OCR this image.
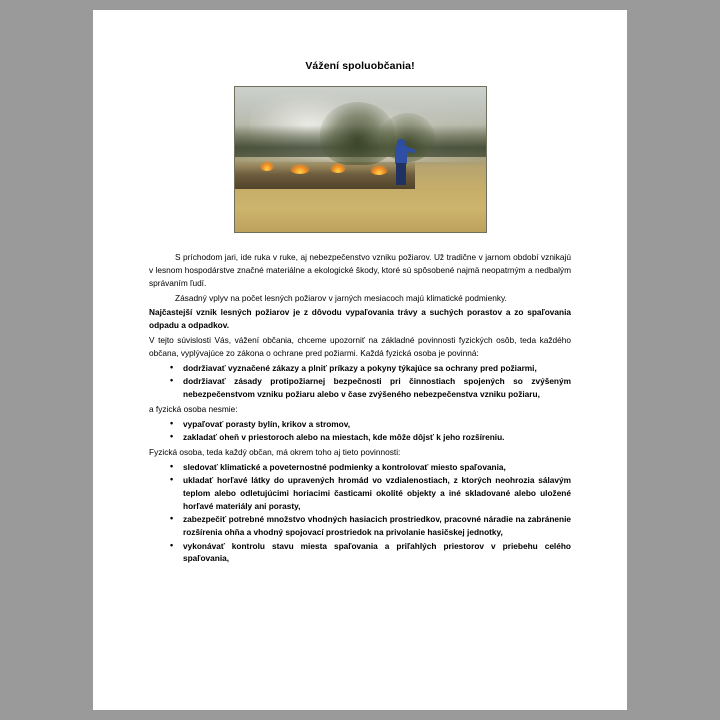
Vážení spoluobčania!

S príchodom jari, ide ruka v ruke, aj nebezpečenstvo vzniku požiarov. Už tradične v jarnom období vznikajú v lesnom hospodárstve značné materiálne a ekologické škody, ktoré sú spôsobené najmä neopatrným a nedbalým správaním ľudí.

Zásadný vplyv na počet lesných požiarov v jarných mesiacoch majú klimatické podmienky.

Najčastejší vznik lesných požiarov je z dôvodu vypaľovania trávy a suchých porastov a zo spaľovania odpadu a odpadkov.

V tejto súvislosti Vás, vážení občania, chceme upozorniť na základné povinnosti fyzických osôb, teda každého občana, vyplývajúce zo zákona o ochrane pred požiarmi. Každá fyzická osoba je povinná:

• dodržiavať vyznačené zákazy a plniť príkazy a pokyny týkajúce sa ochrany pred požiarmi,
• dodržiavať zásady protipožiarnej bezpečnosti pri činnostiach spojených so zvýšeným nebezpečenstvom vzniku požiaru alebo v čase zvýšeného nebezpečenstva vzniku požiaru,

a fyzická osoba nesmie:

• vypaľovať porasty bylín, krikov a stromov,
• zakladať oheň v priestoroch alebo na miestach, kde môže dôjsť k jeho rozšíreniu.

Fyzická osoba, teda každý občan, má okrem toho aj tieto povinnosti:

• sledovať klimatické a poveternostné podmienky a kontrolovať miesto spaľovania,
• ukladať horľavé látky do upravených hromád vo vzdialenostiach, z ktorých neohrozia sálavým teplom alebo odletujúcimi horiacimi časticami okolité objekty a iné skladované alebo uložené horľavé materiály ani porasty,
• zabezpečiť potrebné množstvo vhodných hasiacich prostriedkov, pracovné náradie na zabránenie rozšírenia ohňa a vhodný spojovací prostriedok na privolanie hasičskej jednotky,
• vykonávať kontrolu stavu miesta spaľovania a priľahlých priestorov v priebehu celého spaľovania,
